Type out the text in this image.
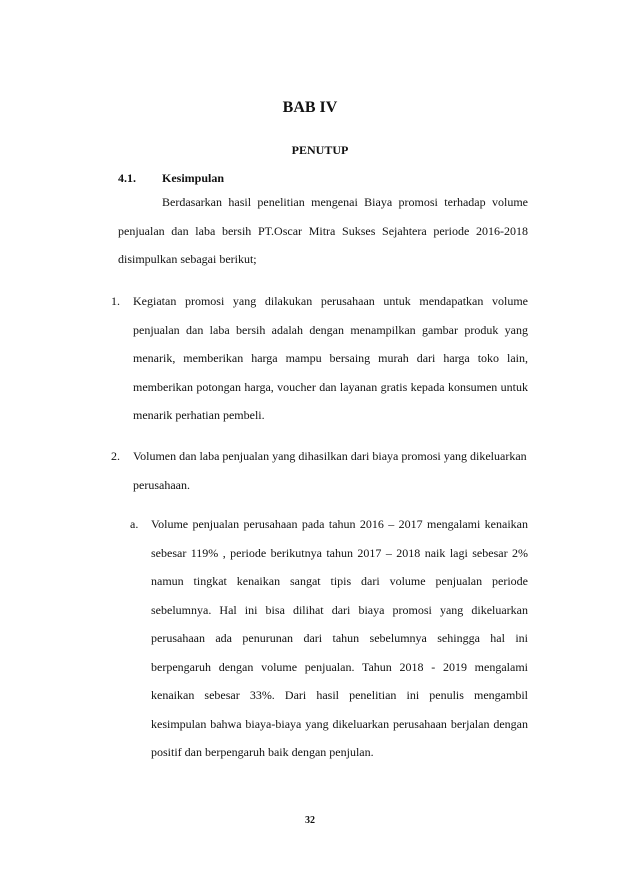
BAB IV
PENUTUP
4.1. Kesimpulan

Berdasarkan hasil penelitian mengenai Biaya promosi terhadap volume penjualan dan laba bersih PT.Oscar Mitra Sukses Sejahtera periode 2016-2018 disimpulkan sebagai berikut;

1. Kegiatan promosi yang dilakukan perusahaan untuk mendapatkan volume penjualan dan laba bersih adalah dengan menampilkan gambar produk yang menarik, memberikan harga mampu bersaing murah dari harga toko lain, memberikan potongan harga, voucher dan layanan gratis kepada konsumen untuk menarik perhatian pembeli.
2. Volumen dan laba penjualan yang dihasilkan dari biaya promosi yang dikeluarkan perusahaan.
a. Volume penjualan perusahaan pada tahun 2016 – 2017 mengalami kenaikan sebesar 119% , periode berikutnya tahun 2017 – 2018 naik lagi sebesar 2% namun tingkat kenaikan sangat tipis dari volume penjualan periode sebelumnya. Hal ini bisa dilihat dari biaya promosi yang dikeluarkan perusahaan ada penurunan dari tahun sebelumnya sehingga hal ini berpengaruh dengan volume penjualan. Tahun 2018 - 2019 mengalami kenaikan sebesar 33%. Dari hasil penelitian ini penulis mengambil kesimpulan bahwa biaya-biaya yang dikeluarkan perusahaan berjalan dengan positif dan berpengaruh baik dengan penjulan.
32
